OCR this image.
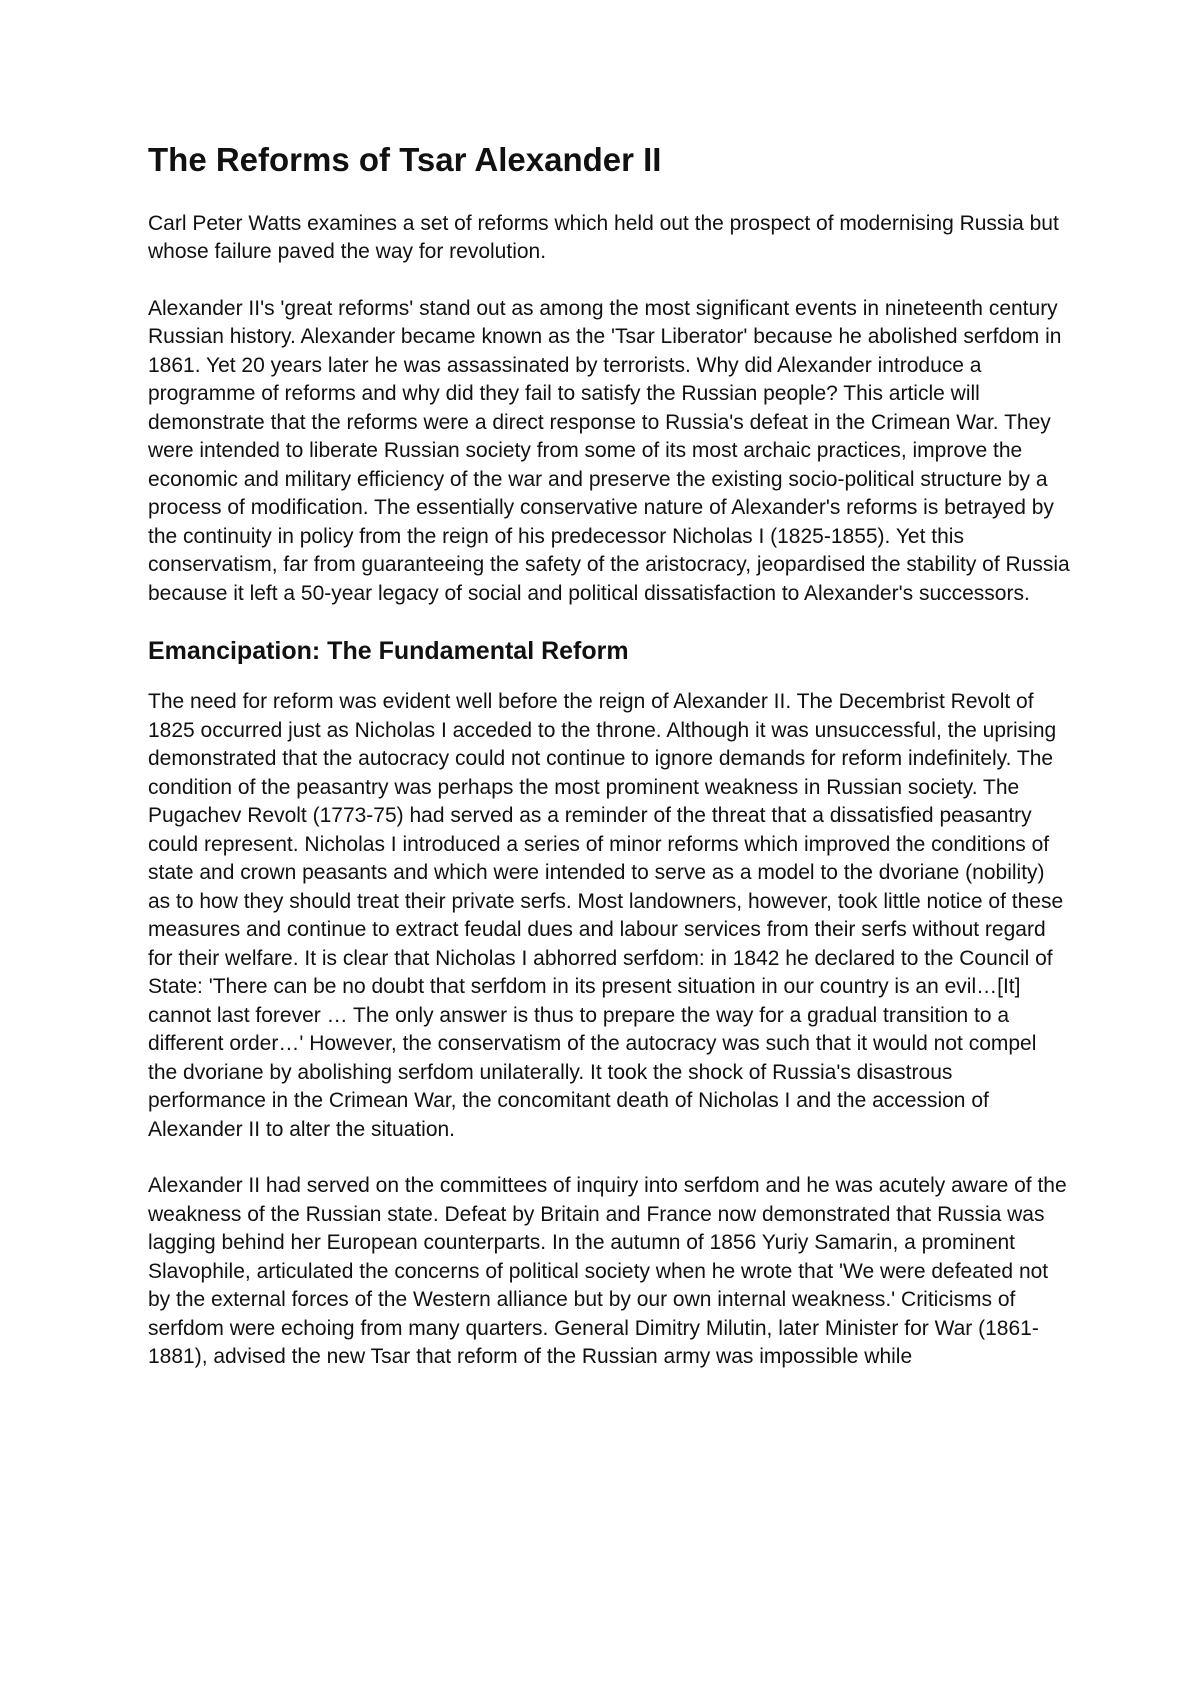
The Reforms of Tsar Alexander II

Carl Peter Watts examines a set of reforms which held out the prospect of modernising Russia but whose failure paved the way for revolution.

Alexander II's 'great reforms' stand out as among the most significant events in nineteenth century Russian history. Alexander became known as the 'Tsar Liberator' because he abolished serfdom in 1861. Yet 20 years later he was assassinated by terrorists. Why did Alexander introduce a programme of reforms and why did they fail to satisfy the Russian people? This article will demonstrate that the reforms were a direct response to Russia's defeat in the Crimean War. They were intended to liberate Russian society from some of its most archaic practices, improve the economic and military efficiency of the war and preserve the existing socio-political structure by a process of modification. The essentially conservative nature of Alexander's reforms is betrayed by the continuity in policy from the reign of his predecessor Nicholas I (1825-1855). Yet this conservatism, far from guaranteeing the safety of the aristocracy, jeopardised the stability of Russia because it left a 50-year legacy of social and political dissatisfaction to Alexander's successors.

Emancipation: The Fundamental Reform

The need for reform was evident well before the reign of Alexander II. The Decembrist Revolt of 1825 occurred just as Nicholas I acceded to the throne. Although it was unsuccessful, the uprising demonstrated that the autocracy could not continue to ignore demands for reform indefinitely. The condition of the peasantry was perhaps the most prominent weakness in Russian society. The Pugachev Revolt (1773-75) had served as a reminder of the threat that a dissatisfied peasantry could represent. Nicholas I introduced a series of minor reforms which improved the conditions of state and crown peasants and which were intended to serve as a model to the dvoriane (nobility) as to how they should treat their private serfs. Most landowners, however, took little notice of these measures and continue to extract feudal dues and labour services from their serfs without regard for their welfare. It is clear that Nicholas I abhorred serfdom: in 1842 he declared to the Council of State: 'There can be no doubt that serfdom in its present situation in our country is an evil…[It] cannot last forever … The only answer is thus to prepare the way for a gradual transition to a different order…' However, the conservatism of the autocracy was such that it would not compel the dvoriane by abolishing serfdom unilaterally. It took the shock of Russia's disastrous performance in the Crimean War, the concomitant death of Nicholas I and the accession of Alexander II to alter the situation.

Alexander II had served on the committees of inquiry into serfdom and he was acutely aware of the weakness of the Russian state. Defeat by Britain and France now demonstrated that Russia was lagging behind her European counterparts. In the autumn of 1856 Yuriy Samarin, a prominent Slavophile, articulated the concerns of political society when he wrote that 'We were defeated not by the external forces of the Western alliance but by our own internal weakness.' Criticisms of serfdom were echoing from many quarters. General Dimitry Milutin, later Minister for War (1861-1881), advised the new Tsar that reform of the Russian army was impossible while
